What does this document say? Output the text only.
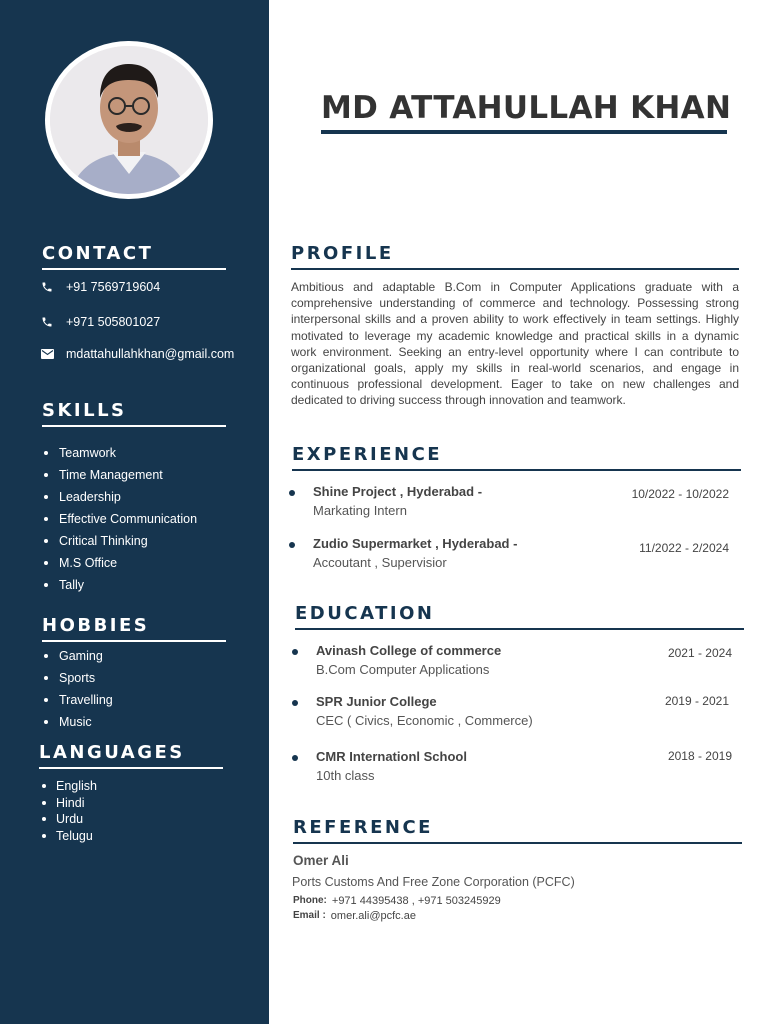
CONTACT
+91 7569719604
+971 505801027
mdattahullahkhan@gmail.com
SKILLS
Teamwork
Time Management
Leadership
Effective Communication
Critical Thinking
M.S Office
Tally
HOBBIES
Gaming
Sports
Travelling
Music
LANGUAGES
English
Hindi
Urdu
Telugu
MD ATTAHULLAH KHAN
PROFILE

Ambitious and adaptable B.Com in Computer Applications graduate with a comprehensive understanding of commerce and technology. Possessing strong interpersonal skills and a proven ability to work effectively in team settings. Highly motivated to leverage my academic knowledge and practical skills in a dynamic work environment. Seeking an entry-level opportunity where I can contribute to organizational goals, apply my skills in real-world scenarios, and engage in continuous professional development. Eager to take on new challenges and dedicated to driving success through innovation and teamwork.

EXPERIENCE
Shine Project , Hyderabad -
Markating Intern
10/2022 - 10/2022
Zudio Supermarket , Hyderabad -
Accoutant , Supervisior
11/2022 - 2/2024
EDUCATION
Avinash College of commerce
B.Com Computer Applications
2021 - 2024
SPR Junior College
CEC ( Civics, Economic , Commerce)
2019 - 2021
CMR Internationl School
10th class
2018 - 2019
REFERENCE
Omer Ali
Ports Customs And Free Zone Corporation (PCFC)
Phone: +971 44395438 , +971 503245929
Email : omer.ali@pcfc.ae
